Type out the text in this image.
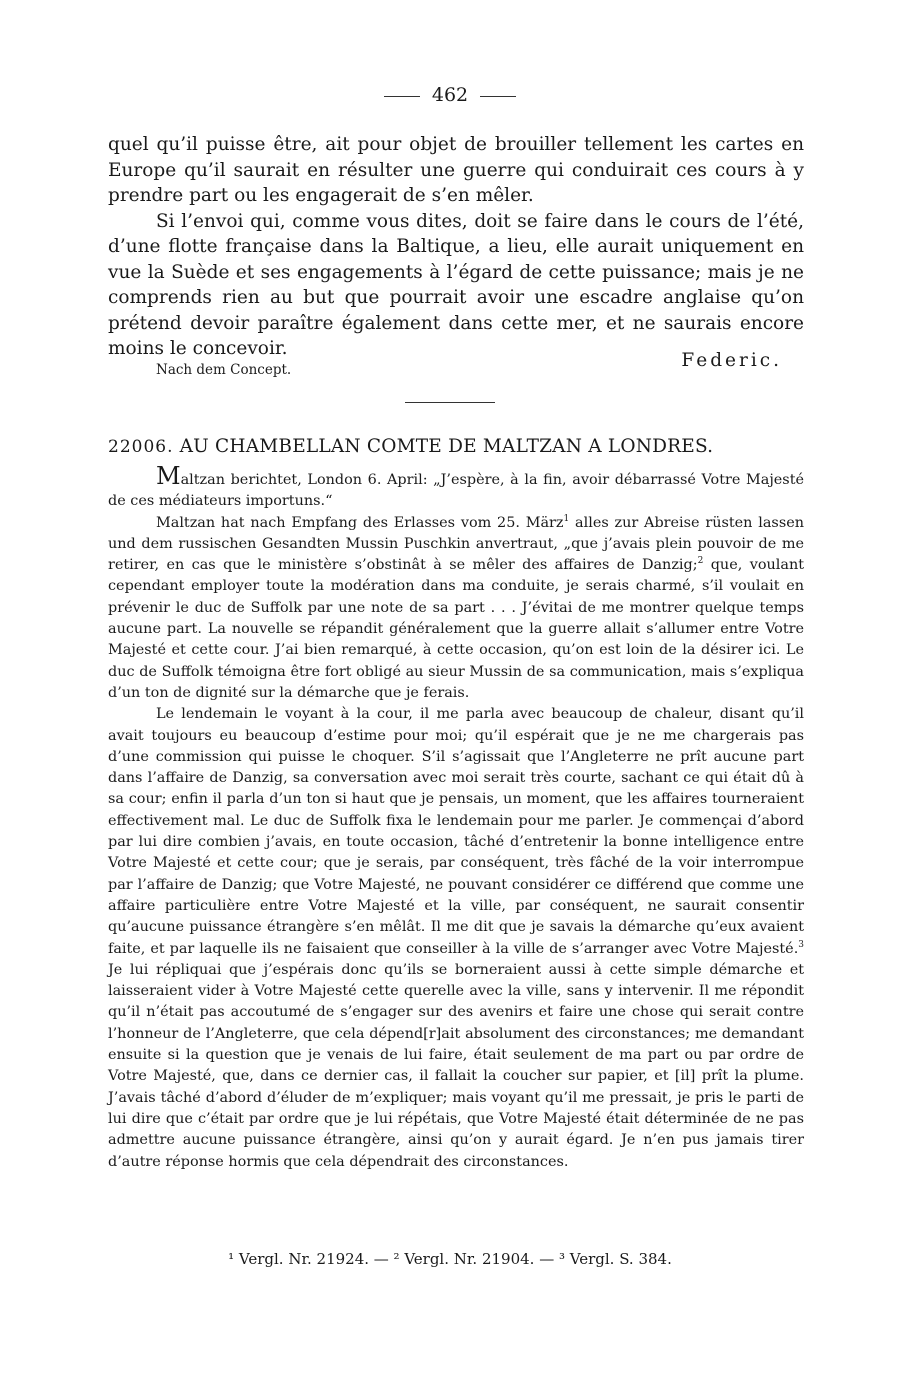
462

quel qu’il puisse être, ait pour objet de brouiller tellement les cartes en Europe qu’il saurait en résulter une guerre qui conduirait ces cours à y prendre part ou les engagerait de s’en mêler.

Si l’envoi qui, comme vous dites, doit se faire dans le cours de l’été, d’une flotte française dans la Baltique, a lieu, elle aurait uniquement en vue la Suède et ses engagements à l’égard de cette puissance; mais je ne comprends rien au but que pourrait avoir une escadre anglaise qu’on prétend devoir paraître également dans cette mer, et ne saurais encore moins le concevoir.

Federic.
Nach dem Concept.
22006. AU CHAMBELLAN COMTE DE MALTZAN A LONDRES.

Maltzan berichtet, London 6. April: „J’espère, à la fin, avoir débarrassé Votre Majesté de ces médiateurs importuns.“

Maltzan hat nach Empfang des Erlasses vom 25. März$^1$ alles zur Abreise rüsten lassen und dem russischen Gesandten Mussin Puschkin anvertraut, „que j’avais plein pouvoir de me retirer, en cas que le ministère s’obstinât à se mêler des affaires de Danzig;$^2$ que, voulant cependant employer toute la modération dans ma conduite, je serais charmé, s’il voulait en prévenir le duc de Suffolk par une note de sa part . . . J’évitai de me montrer quelque temps aucune part. La nouvelle se répandit généralement que la guerre allait s’allumer entre Votre Majesté et cette cour. J’ai bien remarqué, à cette occasion, qu’on est loin de la désirer ici. Le duc de Suffolk témoigna être fort obligé au sieur Mussin de sa communication, mais s’expliqua d’un ton de dignité sur la démarche que je ferais.

Le lendemain le voyant à la cour, il me parla avec beaucoup de chaleur, disant qu’il avait toujours eu beaucoup d’estime pour moi; qu’il espérait que je ne me chargerais pas d’une commission qui puisse le choquer. S’il s’agissait que l’Angleterre ne prît aucune part dans l’affaire de Danzig, sa conversation avec moi serait très courte, sachant ce qui était dû à sa cour; enfin il parla d’un ton si haut que je pensais, un moment, que les affaires tourneraient effectivement mal. Le duc de Suffolk fixa le lendemain pour me parler. Je commençai d’abord par lui dire combien j’avais, en toute occasion, tâché d’entretenir la bonne intelligence entre Votre Majesté et cette cour; que je serais, par conséquent, très fâché de la voir interrompue par l’affaire de Danzig; que Votre Majesté, ne pouvant considérer ce différend que comme une affaire particulière entre Votre Majesté et la ville, par conséquent, ne saurait consentir qu’aucune puissance étrangère s’en mêlât. Il me dit que je savais la démarche qu’eux avaient faite, et par laquelle ils ne faisaient que conseiller à la ville de s’arranger avec Votre Majesté.$^3$ Je lui répliquai que j’espérais donc qu’ils se borneraient aussi à cette simple démarche et laisseraient vider à Votre Majesté cette querelle avec la ville, sans y intervenir. Il me répondit qu’il n’était pas accoutumé de s’engager sur des avenirs et faire une chose qui serait contre l’honneur de l’Angleterre, que cela dépend[r]ait absolument des circonstances; me demandant ensuite si la question que je venais de lui faire, était seulement de ma part ou par ordre de Votre Majesté, que, dans ce dernier cas, il fallait la coucher sur papier, et [il] prît la plume. J’avais tâché d’abord d’éluder de m’expliquer; mais voyant qu’il me pressait, je pris le parti de lui dire que c’était par ordre que je lui répétais, que Votre Majesté était déterminée de ne pas admettre aucune puissance étrangère, ainsi qu’on y aurait égard. Je n’en pus jamais tirer d’autre réponse hormis que cela dépendrait des circonstances.

¹ Vergl. Nr. 21924. — ² Vergl. Nr. 21904. — ³ Vergl. S. 384.
